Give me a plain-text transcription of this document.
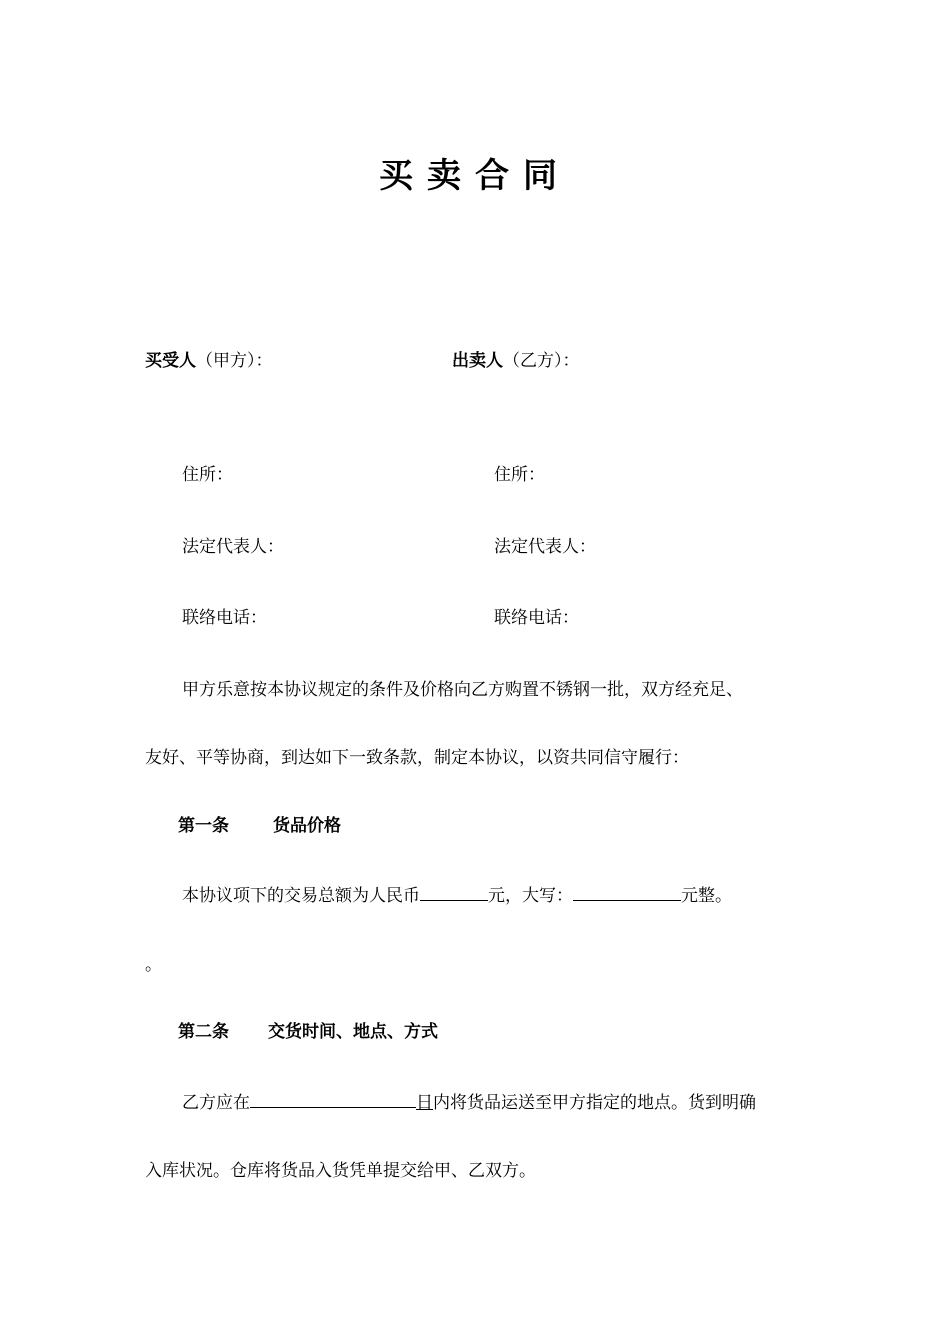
买卖合同
买受人（甲方）：	出卖人（乙方）：
住所：	住所：
法定代表人：	法定代表人：
联络电话：	联络电话：
甲方乐意按本协议规定的条件及价格向乙方购置不锈钢一批，双方经充足、
友好、平等协商，到达如下一致条款，制定本协议，以资共同信守履行：
第一条	货品价格
本协议项下的交易总额为人民币	元，大写：	元整。
。
第二条 交货时间、地点、方式
乙方应在	日内将货品运送至甲方指定的地点。货到明确
入库状况。仓库将货品入货凭单提交给甲、乙双方。
